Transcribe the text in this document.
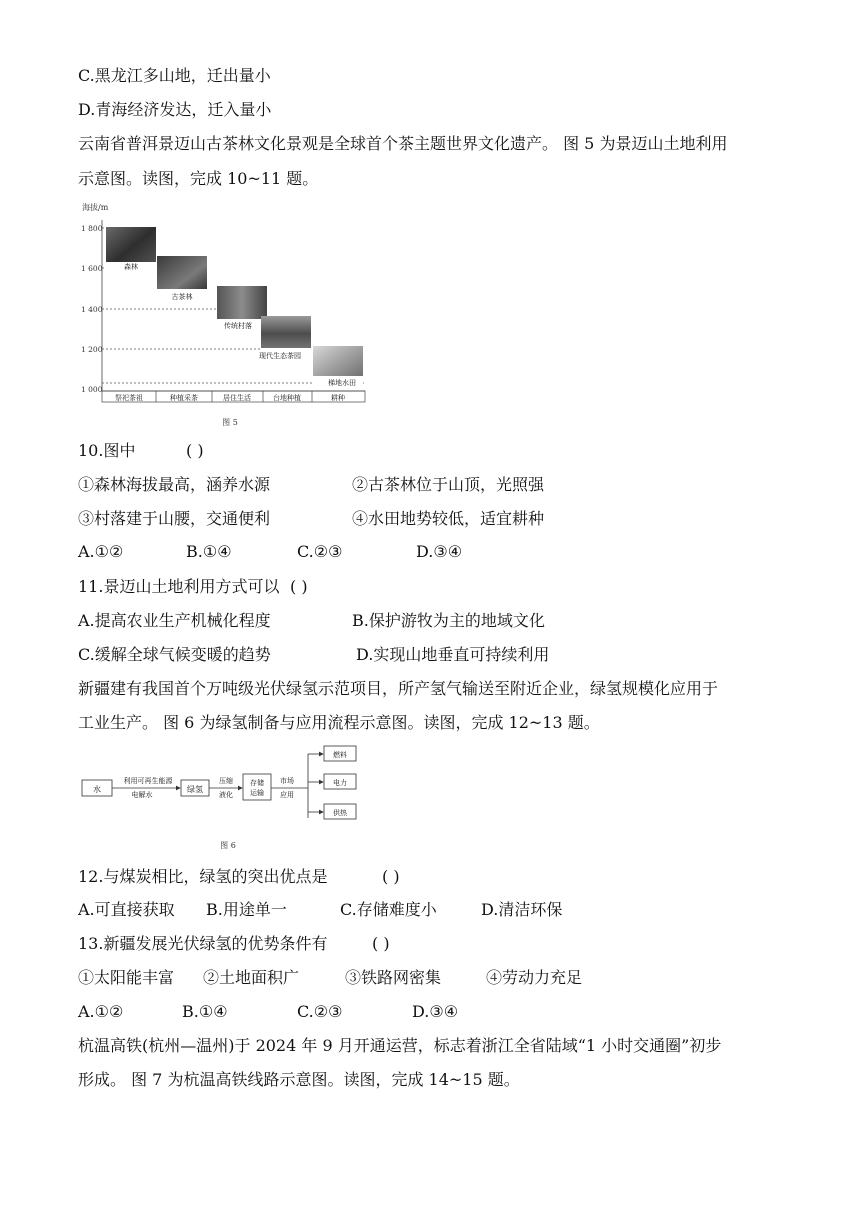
C.黑龙江多山地，迁出量小
D.青海经济发达，迁入量小
云南省普洱景迈山古茶林文化景观是全球首个茶主题世界文化遗产。 图 5 为景迈山土地利用
示意图。读图，完成 10~11 题。
海拔/m
1 800
1 600
1 400
1 200
1 000
森林
古茶林
传统村落
现代生态茶园
梯地水田
祭祀茶祖	种植采茶	居住生活	台地种植	耕种
图 5
10.图中	( )
①森林海拔最高，涵养水源	②古茶林位于山顶，光照强
③村落建于山腰，交通便利	④水田地势较低，适宜耕种
A.①②	B.①④	C.②③	D.③④
11.景迈山土地利用方式可以 ( )
A.提高农业生产机械化程度	B.保护游牧为主的地域文化
C.缓解全球气候变暖的趋势	D.实现山地垂直可持续利用
新疆建有我国首个万吨级光伏绿氢示范项目，所产氢气输送至附近企业，绿氢规模化应用于
工业生产。 图 6 为绿氢制备与应用流程示意图。读图，完成 12~13 题。
水
利用可再生能源
电解水
绿氢
压缩
液化
存储
运输
市场
应用
燃料
电力
供热
图 6
12.与煤炭相比，绿氢的突出优点是	( )
A.可直接获取 B.用途单一	C.存储难度小	D.清洁环保
13.新疆发展光伏绿氢的优势条件有	( )
①太阳能丰富 ②土地面积广	③铁路网密集	④劳动力充足
A.①②	B.①④	C.②③	D.③④
杭温高铁(杭州—温州)于 2024 年 9 月开通运营，标志着浙江全省陆域“1 小时交通圈”初步
形成。 图 7 为杭温高铁线路示意图。读图，完成 14~15 题。
